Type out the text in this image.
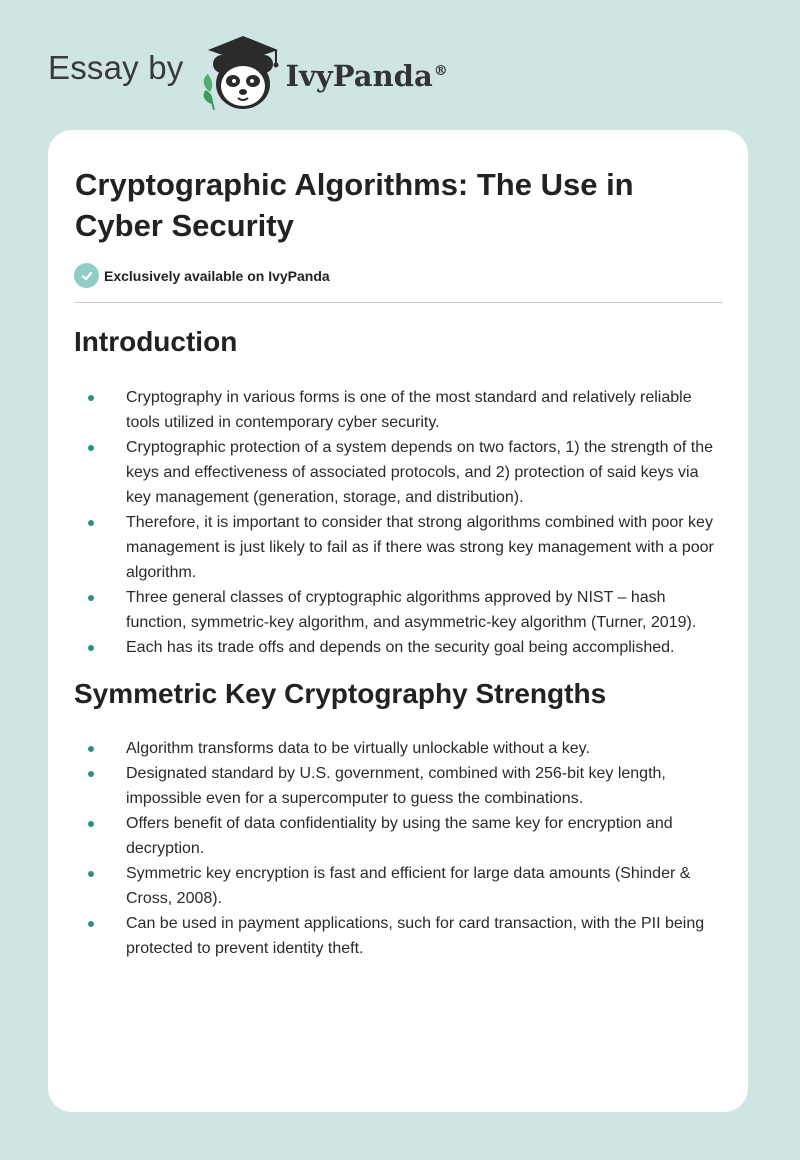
Essay by	IvyPanda®
Cryptographic Algorithms: The Use in Cyber Security
Exclusively available on IvyPanda
Introduction
Cryptography in various forms is one of the most standard and relatively reliable tools utilized in contemporary cyber security.
Cryptographic protection of a system depends on two factors, 1) the strength of the keys and effectiveness of associated protocols, and 2) protection of said keys via key management (generation, storage, and distribution).
Therefore, it is important to consider that strong algorithms combined with poor key management is just likely to fail as if there was strong key management with a poor algorithm.
Three general classes of cryptographic algorithms approved by NIST – hash function, symmetric-key algorithm, and asymmetric-key algorithm (Turner, 2019).
Each has its trade offs and depends on the security goal being accomplished.
Symmetric Key Cryptography Strengths
Algorithm transforms data to be virtually unlockable without a key.
Designated standard by U.S. government, combined with 256-bit key length, impossible even for a supercomputer to guess the combinations.
Offers benefit of data confidentiality by using the same key for encryption and decryption.
Symmetric key encryption is fast and efficient for large data amounts (Shinder & Cross, 2008).
Can be used in payment applications, such for card transaction, with the PII being protected to prevent identity theft.
